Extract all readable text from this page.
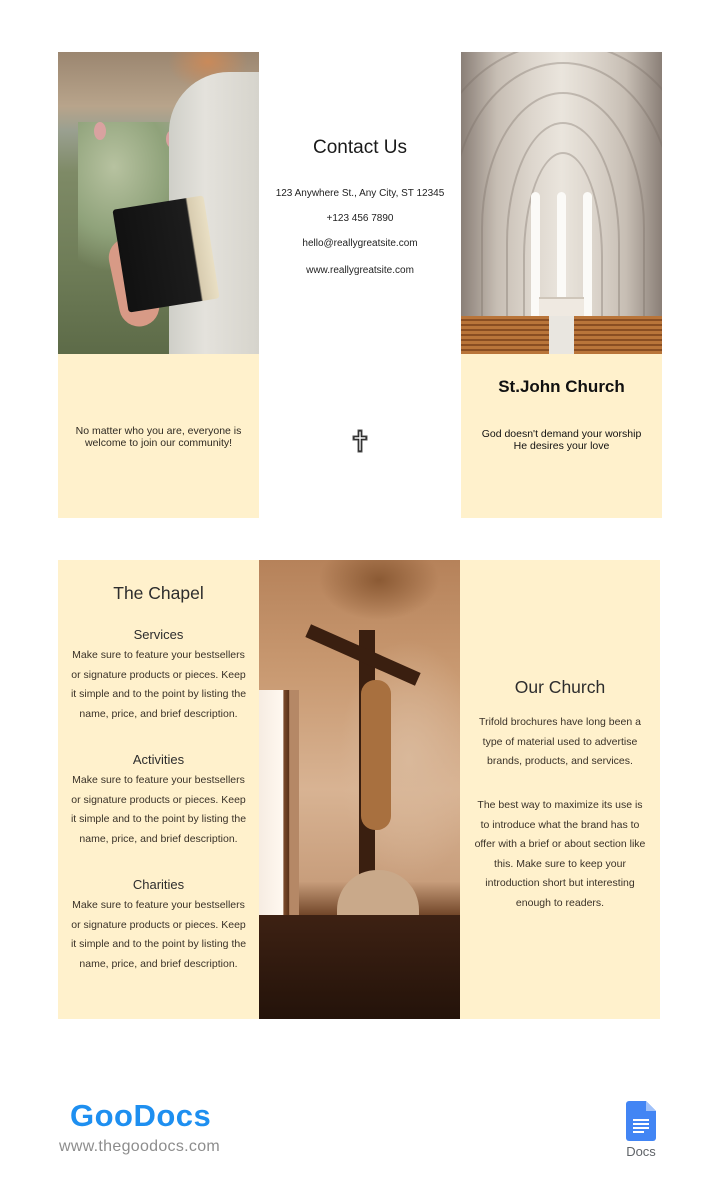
No matter who you are, everyone is welcome to join our community!
Contact Us
123 Anywhere St., Any City, ST 12345
+123 456 7890
hello@reallygreatsite.com
www.reallygreatsite.com
St.John Church
God doesn't demand your worship
He desires your love
The Chapel
Services
Make sure to feature your bestsellers or signature products or pieces. Keep it simple and to the point by listing the name, price, and brief description.
Activities
Make sure to feature your bestsellers or signature products or pieces. Keep it simple and to the point by listing the name, price, and brief description.
Charities
Make sure to feature your bestsellers or signature products or pieces. Keep it simple and to the point by listing the name, price, and brief description.
Our Church
Trifold brochures have long been a type of material used to advertise brands, products, and services.
The best way to maximize its use is to introduce what the brand has to offer with a brief or about section like this. Make sure to keep your introduction short but interesting enough to readers.
GooDocs
www.thegoodocs.com	Docs
